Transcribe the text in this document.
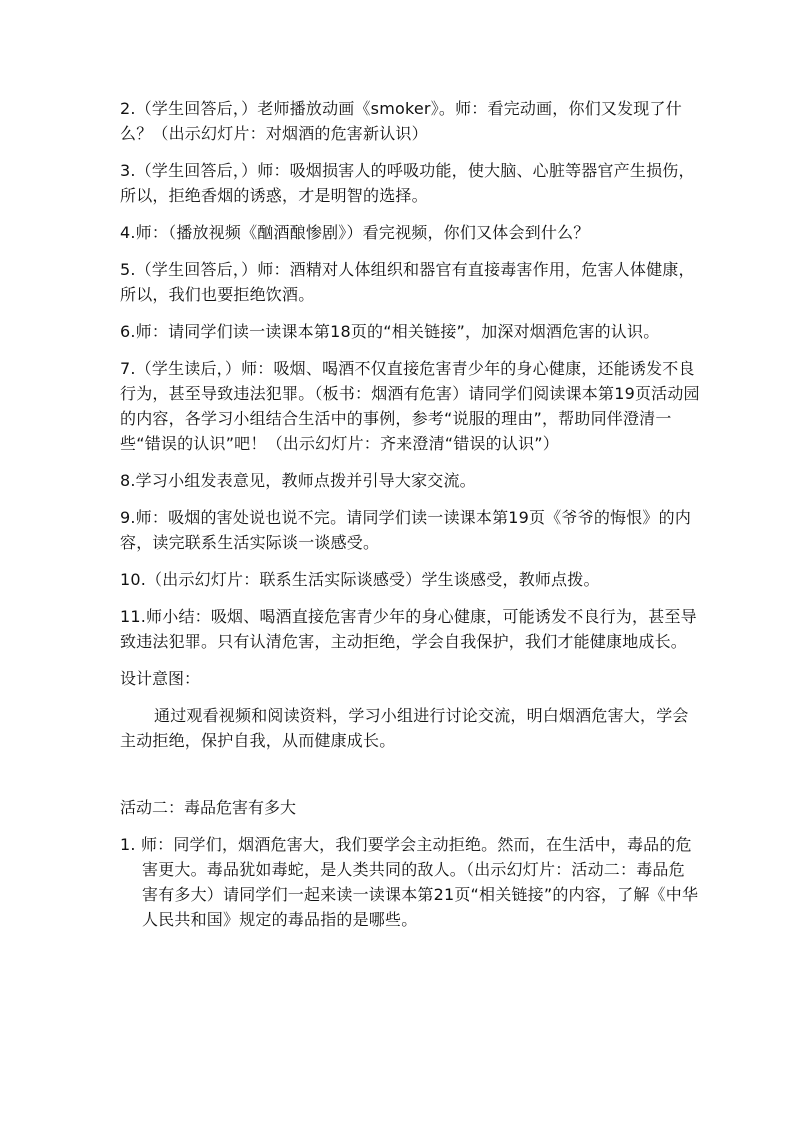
2.（学生回答后，）老师播放动画《smoker》。师：看完动画，你们又发现了什么？（出示幻灯片：对烟酒的危害新认识）

3.（学生回答后，）师：吸烟损害人的呼吸功能，使大脑、心脏等器官产生损伤，所以，拒绝香烟的诱惑，才是明智的选择。

4.师：（播放视频《酗酒酿惨剧》）看完视频，你们又体会到什么？

5.（学生回答后，）师：酒精对人体组织和器官有直接毒害作用，危害人体健康，所以，我们也要拒绝饮酒。

6.师：请同学们读一读课本第18页的“相关链接”，加深对烟酒危害的认识。

7.（学生读后，）师：吸烟、喝酒不仅直接危害青少年的身心健康，还能诱发不良行为，甚至导致违法犯罪。（板书：烟酒有危害）请同学们阅读课本第19页活动园的内容，各学习小组结合生活中的事例，参考“说服的理由”，帮助同伴澄清一些“错误的认识”吧！（出示幻灯片：齐来澄清“错误的认识”）

8.学习小组发表意见，教师点拨并引导大家交流。

9.师：吸烟的害处说也说不完。请同学们读一读课本第19页《爷爷的悔恨》的内容，读完联系生活实际谈一谈感受。

10.（出示幻灯片：联系生活实际谈感受）学生谈感受，教师点拨。

11.师小结：吸烟、喝酒直接危害青少年的身心健康，可能诱发不良行为，甚至导致违法犯罪。只有认清危害，主动拒绝，学会自我保护，我们才能健康地成长。

设计意图：

通过观看视频和阅读资料，学习小组进行讨论交流，明白烟酒危害大，学会主动拒绝，保护自我，从而健康成长。

活动二：毒品危害有多大

1. 师：同学们，烟酒危害大，我们要学会主动拒绝。然而，在生活中，毒品的危害更大。毒品犹如毒蛇，是人类共同的敌人。（出示幻灯片：活动二：毒品危害有多大）请同学们一起来读一读课本第21页“相关链接”的内容，了解《中华人民共和国》规定的毒品指的是哪些。
